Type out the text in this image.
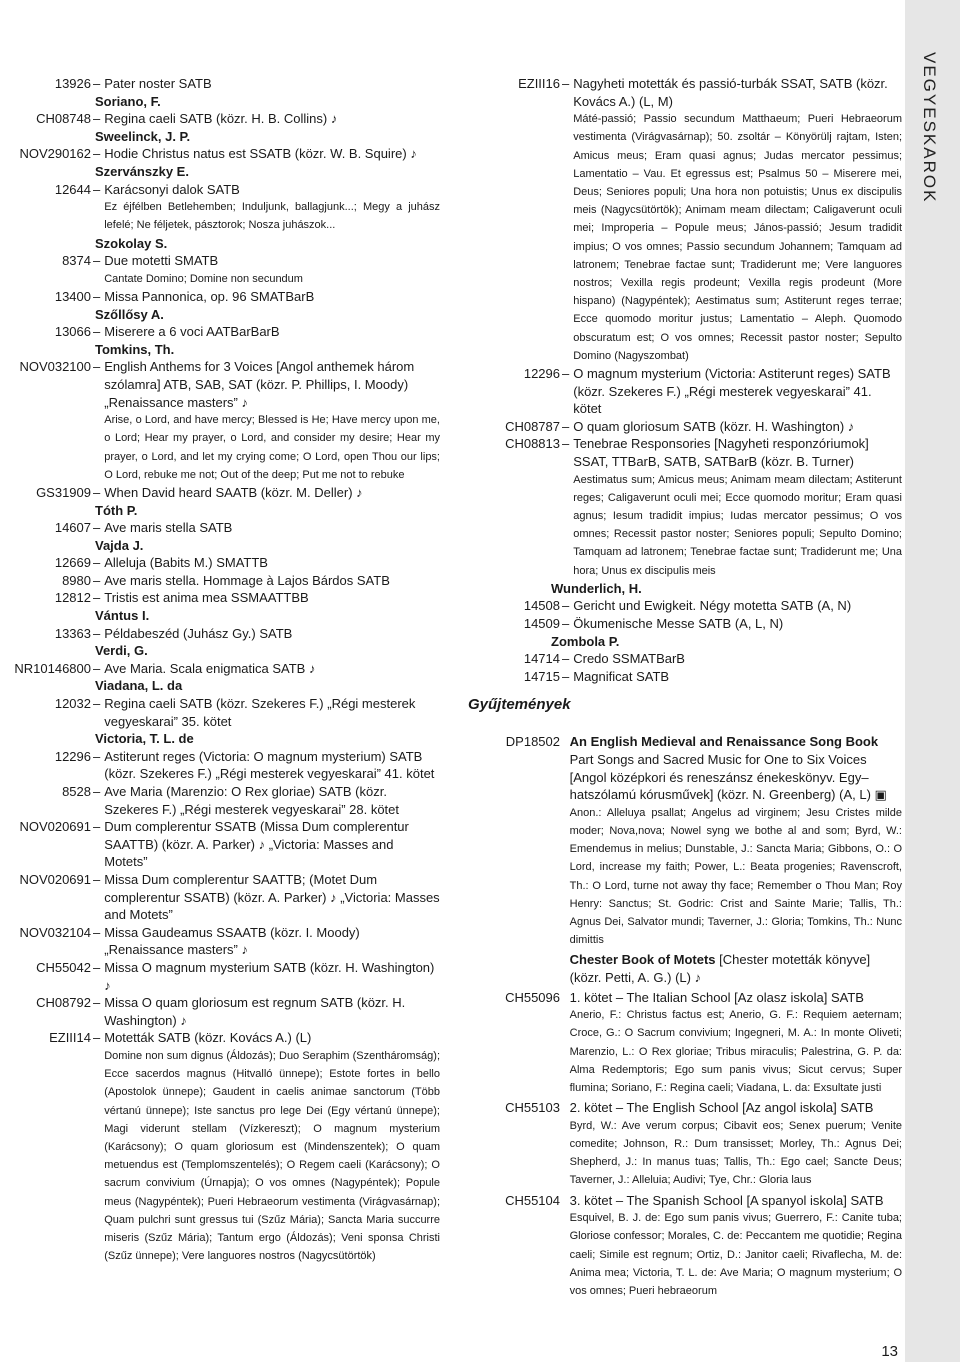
13926 – Pater noster SATB
Soriano, F.
CH08748 – Regina caeli SATB (közr. H. B. Collins) ♪
Sweelinck, J. P.
NOV290162 – Hodie Christus natus est SSATB (közr. W. B. Squire) ♪
Szervánszky E.
12644 – Karácsonyi dalok SATB
Ez éjfélben Betlehemben; Induljunk, ballagjunk...; Megy a juhász lefelé; Ne féljetek, pásztorok; Nosza juhászok...
Szokolay S.
8374 – Due motetti SMATB
Cantate Domino; Domine non secundum
13400 – Missa Pannonica, op. 96 SMATBarB
Szőllősy A.
13066 – Miserere a 6 voci AATBarBarB
Tomkins, Th.
NOV032100 – English Anthems for 3 Voices [Angol anthemek három szólamra] ATB, SAB, SAT (közr. P. Phillips, I. Moody) „Renaissance masters” ♪
Arise, o Lord, and have mercy; Blessed is He; Have mercy upon me, o Lord; Hear my prayer, o Lord, and consider my desire; Hear my prayer, o Lord, and let my crying come; O Lord, open Thou our lips; O Lord, rebuke me not; Out of the deep; Put me not to rebuke
GS31909 – When David heard SAATB (közr. M. Deller) ♪
Tóth P.
14607 – Ave maris stella SATB
Vajda J.
12669 – Alleluja (Babits M.) SMATTB
8980 – Ave maris stella. Hommage à Lajos Bárdos SATB
12812 – Tristis est anima mea SSMAATTBB
Vántus I.
13363 – Példabeszéd (Juhász Gy.) SATB
Verdi, G.
NR10146800 – Ave Maria. Scala enigmatica SATB ♪
Viadana, L. da
12032 – Regina caeli SATB (közr. Szekeres F.) „Régi mesterek vegyeskarai” 35. kötet
Victoria, T. L. de
12296 – Astiterunt reges (Victoria: O magnum mysterium) SATB (közr. Szekeres F.) „Régi mesterek vegyeskarai” 41. kötet
8528 – Ave Maria (Marenzio: O Rex gloriae) SATB (közr. Szekeres F.) „Régi mesterek vegyeskarai” 28. kötet
NOV020691 – Dum complerentur SSATB (Missa Dum complerentur SAATTB) (közr. A. Parker) ♪ „Victoria: Masses and Motets”
NOV020691 – Missa Dum complerentur SAATTB; (Motet Dum complerentur SSATB) (közr. A. Parker) ♪ „Victoria: Masses and Motets”
NOV032104 – Missa Gaudeamus SSAATB (közr. I. Moody) „Renaissance masters” ♪
CH55042 – Missa O magnum mysterium SATB (közr. H. Washington) ♪
CH08792 – Missa O quam gloriosum est regnum SATB (közr. H. Washington) ♪
EZIII14 – Motetták SATB (közr. Kovács A.) (L)
Domine non sum dignus (Áldozás); Duo Seraphim (Szentháromság); Ecce sacerdos magnus (Hitvalló ünnepe); Estote fortes in bello (Apostolok ünnepe); Gaudent in caelis animae sanctorum (Több vértanú ünnepe); Iste sanctus pro lege Dei (Egy vértanú ünnepe); Magi viderunt stellam (Vízkereszt); O magnum mysterium (Karácsony); O quam gloriosum est (Mindenszentek); O quam metuendus est (Templomszentelés); O Regem caeli (Karácsony); O sacrum convivium (Úrnapja); O vos omnes (Nagypéntek); Popule meus (Nagypéntek); Pueri Hebraeorum vestimenta (Virágvasárnap); Quam pulchri sunt gressus tui (Szűz Mária); Sancta Maria succurre miseris (Szűz Mária); Tantum ergo (Áldozás); Veni sponsa Christi (Szűz ünnepe); Vere languores nostros (Nagycsütörtök)
EZIII16 – Nagyheti motetták és passió-turbák SSAT, SATB (közr. Kovács A.) (L, M)
Máté-passió; Passio secundum Matthaeum; Pueri Hebraeorum vestimenta (Virágvasárnap); 50. zsoltár – Könyörülj rajtam, Isten; Amicus meus; Eram quasi agnus; Judas mercator pessimus; Lamentatio – Vau. Et egressus est; Psalmus 50 – Miserere mei, Deus; Seniores populi; Una hora non potuistis; Unus ex discipulis meis (Nagycsütörtök); Animam meam dilectam; Caligaverunt oculi mei; Improperia – Popule meus; János-passió; Jesum tradidit impius; O vos omnes; Passio secundum Johannem; Tamquam ad latronem; Tenebrae factae sunt; Tradiderunt me; Vere languores nostros; Vexilla regis prodeunt; Vexilla regis prodeunt (More hispano) (Nagypéntek); Aestimatus sum; Astiterunt reges terrae; Ecce quomodo moritur justus; Lamentatio – Aleph. Quomodo obscuratum est; O vos omnes; Recessit pastor noster; Sepulto Domino (Nagyszombat)
12296 – O magnum mysterium (Victoria: Astiterunt reges) SATB (közr. Szekeres F.) „Régi mesterek vegyeskarai” 41. kötet
CH08787 – O quam gloriosum SATB (közr. H. Washington) ♪
CH08813 – Tenebrae Responsories [Nagyheti responzóriumok] SSAT, TTBarB, SATB, SATBarB (közr. B. Turner)
Aestimatus sum; Amicus meus; Animam meam dilectam; Astiterunt reges; Caligaverunt oculi mei; Ecce quomodo moritur; Eram quasi agnus; Iesum tradidit impius; Iudas mercator pessimus; O vos omnes; Recessit pastor noster; Seniores populi; Sepulto Domino; Tamquam ad latronem; Tenebrae factae sunt; Tradiderunt me; Una hora; Unus ex discipulis meis
Wunderlich, H.
14508 – Gericht und Ewigkeit. Négy motetta SATB (A, N)
14509 – Ökumenische Messe SATB (A, L, N)
Zombola P.
14714 – Credo SSMATBarB
14715 – Magnificat SATB
Gyűjtemények
DP18502
An English Medieval and Renaissance Song Book Part Songs and Sacred Music for One to Six Voices [Angol középkori és reneszánsz énekeskönyv. Egy–hatszólamú kórusművek] (közr. N. Greenberg) (A, L) ▣
Anon.: Alleluya psallat; Angelus ad virginem; Jesu Cristes milde moder; Nova,nova; Nowel syng we bothe al and som; Byrd, W.: Emendemus in melius; Dunstable, J.: Sancta Maria; Gibbons, O.: O Lord, increase my faith; Power, L.: Beata progenies; Ravenscroft, Th.: O Lord, turne not away thy face; Remember o Thou Man; Roy Henry: Sanctus; St. Godric: Crist and Sainte Marie; Tallis, Th.: Agnus Dei, Salvator mundi; Taverner, J.: Gloria; Tomkins, Th.: Nunc dimittis

Chester Book of Motets [Chester motetták könyve] (közr. Petti, A. G.) (L) ♪
CH55096
1. kötet – The Italian School [Az olasz iskola] SATB
Anerio, F.: Christus factus est; Anerio, G. F.: Requiem aeternam; Croce, G.: O Sacrum convivium; Ingegneri, M. A.: In monte Oliveti; Marenzio, L.: O Rex gloriae; Tribus miraculis; Palestrina, G. P. da: Alma Redemptoris; Ego sum panis vivus; Sicut cervus; Super flumina; Soriano, F.: Regina caeli; Viadana, L. da: Exsultate justi
CH55103
2. kötet – The English School [Az angol iskola] SATB
Byrd, W.: Ave verum corpus; Cibavit eos; Senex puerum; Venite comedite; Johnson, R.: Dum transisset; Morley, Th.: Agnus Dei; Shepherd, J.: In manus tuas; Tallis, Th.: Ego cael; Sancte Deus; Taverner, J.: Alleluia; Audivi; Tye, Chr.: Gloria laus
CH55104
3. kötet – The Spanish School [A spanyol iskola] SATB
Esquivel, B. J. de: Ego sum panis vivus; Guerrero, F.: Canite tuba; Gloriose confessor; Morales, C. de: Peccantem me quotidie; Regina caeli; Simile est regnum; Ortiz, D.: Janitor caeli; Rivaflecha, M. de: Anima mea; Victoria, T. L. de: Ave Maria; O magnum mysterium; O vos omnes; Pueri hebraeorum
VEGYESKAROK
13
